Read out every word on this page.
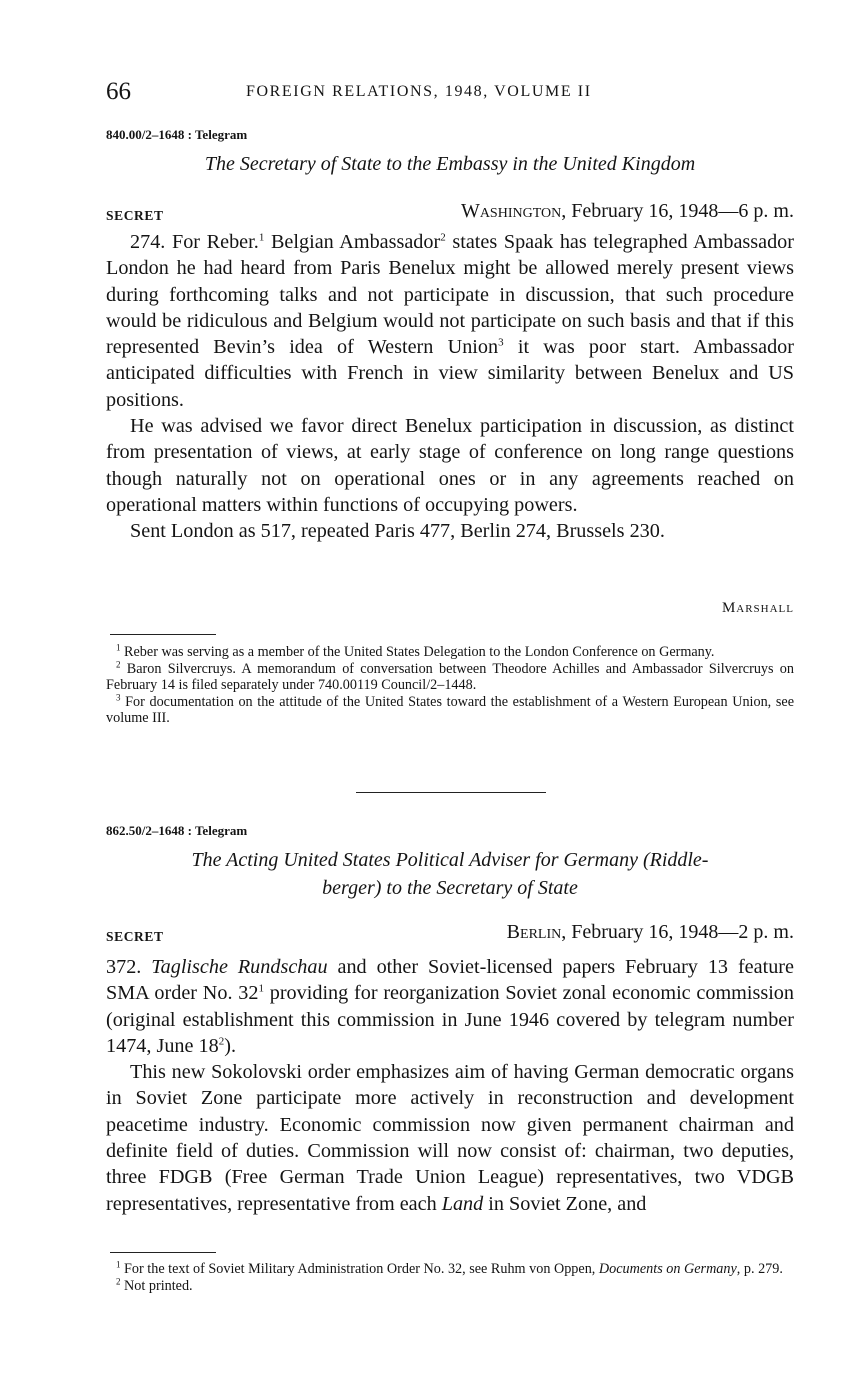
66	FOREIGN RELATIONS, 1948, VOLUME II
840.00/2–1648 : Telegram
The Secretary of State to the Embassy in the United Kingdom
SECRET	Washington, February 16, 1948—6 p. m.

274. For Reber.$^1$ Belgian Ambassador$^2$ states Spaak has telegraphed Ambassador London he had heard from Paris Benelux might be allowed merely present views during forthcoming talks and not participate in discussion, that such procedure would be ridiculous and Belgium would not participate on such basis and that if this represented Bevin’s idea of Western Union$^3$ it was poor start. Ambassador anticipated difficulties with French in view similarity between Benelux and US positions.

He was advised we favor direct Benelux participation in discussion, as distinct from presentation of views, at early stage of conference on long range questions though naturally not on operational ones or in any agreements reached on operational matters within functions of occupying powers.

Sent London as 517, repeated Paris 477, Berlin 274, Brussels 230.

Marshall

$^1$ Reber was serving as a member of the United States Delegation to the London Conference on Germany.

$^2$ Baron Silvercruys. A memorandum of conversation between Theodore Achilles and Ambassador Silvercruys on February 14 is filed separately under 740.00119 Council/2–1448.

$^3$ For documentation on the attitude of the United States toward the establishment of a Western European Union, see volume III.

862.50/2–1648 : Telegram
The Acting United States Political Adviser for Germany (Riddle-
berger) to the Secretary of State
SECRET	Berlin, February 16, 1948—2 p. m.

372. Taglische Rundschau and other Soviet-licensed papers February 13 feature SMA order No. $32^1$ providing for reorganization Soviet zonal economic commission (original establishment this commission in June 1946 covered by telegram number 1474, June $18^2$).

This new Sokolovski order emphasizes aim of having German democratic organs in Soviet Zone participate more actively in reconstruction and development peacetime industry. Economic commission now given permanent chairman and definite field of duties. Commission will now consist of: chairman, two deputies, three FDGB (Free German Trade Union League) representatives, two VDGB representatives, representative from each Land in Soviet Zone, and

$^1$ For the text of Soviet Military Administration Order No. 32, see Ruhm von Oppen, Documents on Germany, p. 279.

$^2$ Not printed.
